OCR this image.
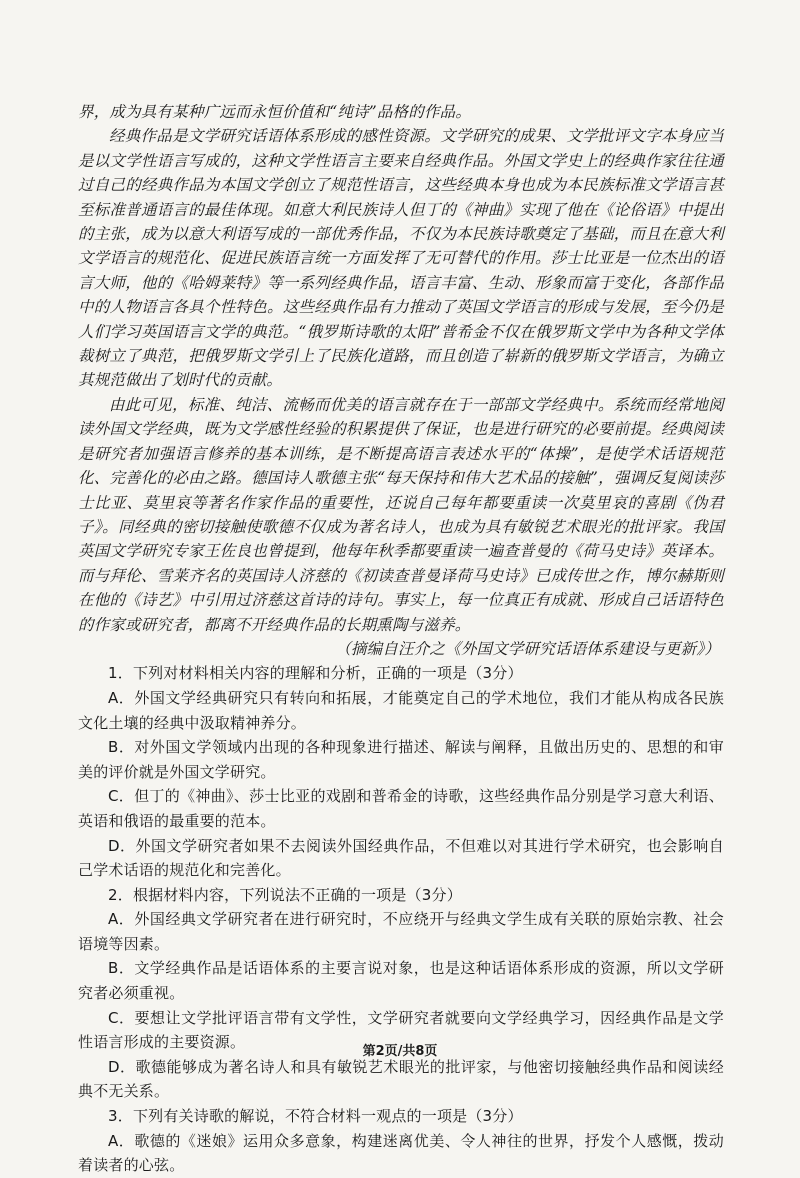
界，成为具有某种广远而永恒价值和“纯诗”品格的作品。

经典作品是文学研究话语体系形成的感性资源。文学研究的成果、文学批评文字本身应当是以文学性语言写成的，这种文学性语言主要来自经典作品。外国文学史上的经典作家往往通过自己的经典作品为本国文学创立了规范性语言，这些经典本身也成为本民族标准文学语言甚至标准普通语言的最佳体现。如意大利民族诗人但丁的《神曲》实现了他在《论俗语》中提出的主张，成为以意大利语写成的一部优秀作品，不仅为本民族诗歌奠定了基础，而且在意大利文学语言的规范化、促进民族语言统一方面发挥了无可替代的作用。莎士比亚是一位杰出的语言大师，他的《哈姆莱特》等一系列经典作品，语言丰富、生动、形象而富于变化，各部作品中的人物语言各具个性特色。这些经典作品有力推动了英国文学语言的形成与发展，至今仍是人们学习英国语言文学的典范。“俄罗斯诗歌的太阳”普希金不仅在俄罗斯文学中为各种文学体裁树立了典范，把俄罗斯文学引上了民族化道路，而且创造了崭新的俄罗斯文学语言，为确立其规范做出了划时代的贡献。

由此可见，标准、纯洁、流畅而优美的语言就存在于一部部文学经典中。系统而经常地阅读外国文学经典，既为文学感性经验的积累提供了保证，也是进行研究的必要前提。经典阅读是研究者加强语言修养的基本训练，是不断提高语言表述水平的“体操”，是使学术话语规范化、完善化的必由之路。德国诗人歌德主张“每天保持和伟大艺术品的接触”，强调反复阅读莎士比亚、莫里哀等著名作家作品的重要性，还说自己每年都要重读一次莫里哀的喜剧《伪君子》。同经典的密切接触使歌德不仅成为著名诗人，也成为具有敏锐艺术眼光的批评家。我国英国文学研究专家王佐良也曾提到，他每年秋季都要重读一遍查普曼的《荷马史诗》英译本。而与拜伦、雪莱齐名的英国诗人济慈的《初读查普曼译荷马史诗》已成传世之作，博尔赫斯则在他的《诗艺》中引用过济慈这首诗的诗句。事实上，每一位真正有成就、形成自己话语特色的作家或研究者，都离不开经典作品的长期熏陶与滋养。

（摘编自汪介之《外国文学研究话语体系建设与更新》）

1．下列对材料相关内容的理解和分析，正确的一项是（3分）

A．外国文学经典研究只有转向和拓展，才能奠定自己的学术地位，我们才能从构成各民族文化土壤的经典中汲取精神养分。

B．对外国文学领域内出现的各种现象进行描述、解读与阐释，且做出历史的、思想的和审美的评价就是外国文学研究。

C．但丁的《神曲》、莎士比亚的戏剧和普希金的诗歌，这些经典作品分别是学习意大利语、英语和俄语的最重要的范本。

D．外国文学研究者如果不去阅读外国经典作品，不但难以对其进行学术研究，也会影响自己学术话语的规范化和完善化。

2．根据材料内容，下列说法不正确的一项是（3分）

A．外国经典文学研究者在进行研究时，不应绕开与经典文学生成有关联的原始宗教、社会语境等因素。

B．文学经典作品是话语体系的主要言说对象，也是这种话语体系形成的资源，所以文学研究者必须重视。

C．要想让文学批评语言带有文学性，文学研究者就要向文学经典学习，因经典作品是文学性语言形成的主要资源。

D．歌德能够成为著名诗人和具有敏锐艺术眼光的批评家，与他密切接触经典作品和阅读经典不无关系。

3．下列有关诗歌的解说，不符合材料一观点的一项是（3分）

A．歌德的《迷娘》运用众多意象，构建迷离优美、令人神往的世界，抒发个人感慨，拨动着读者的心弦。

第2页/共8页
